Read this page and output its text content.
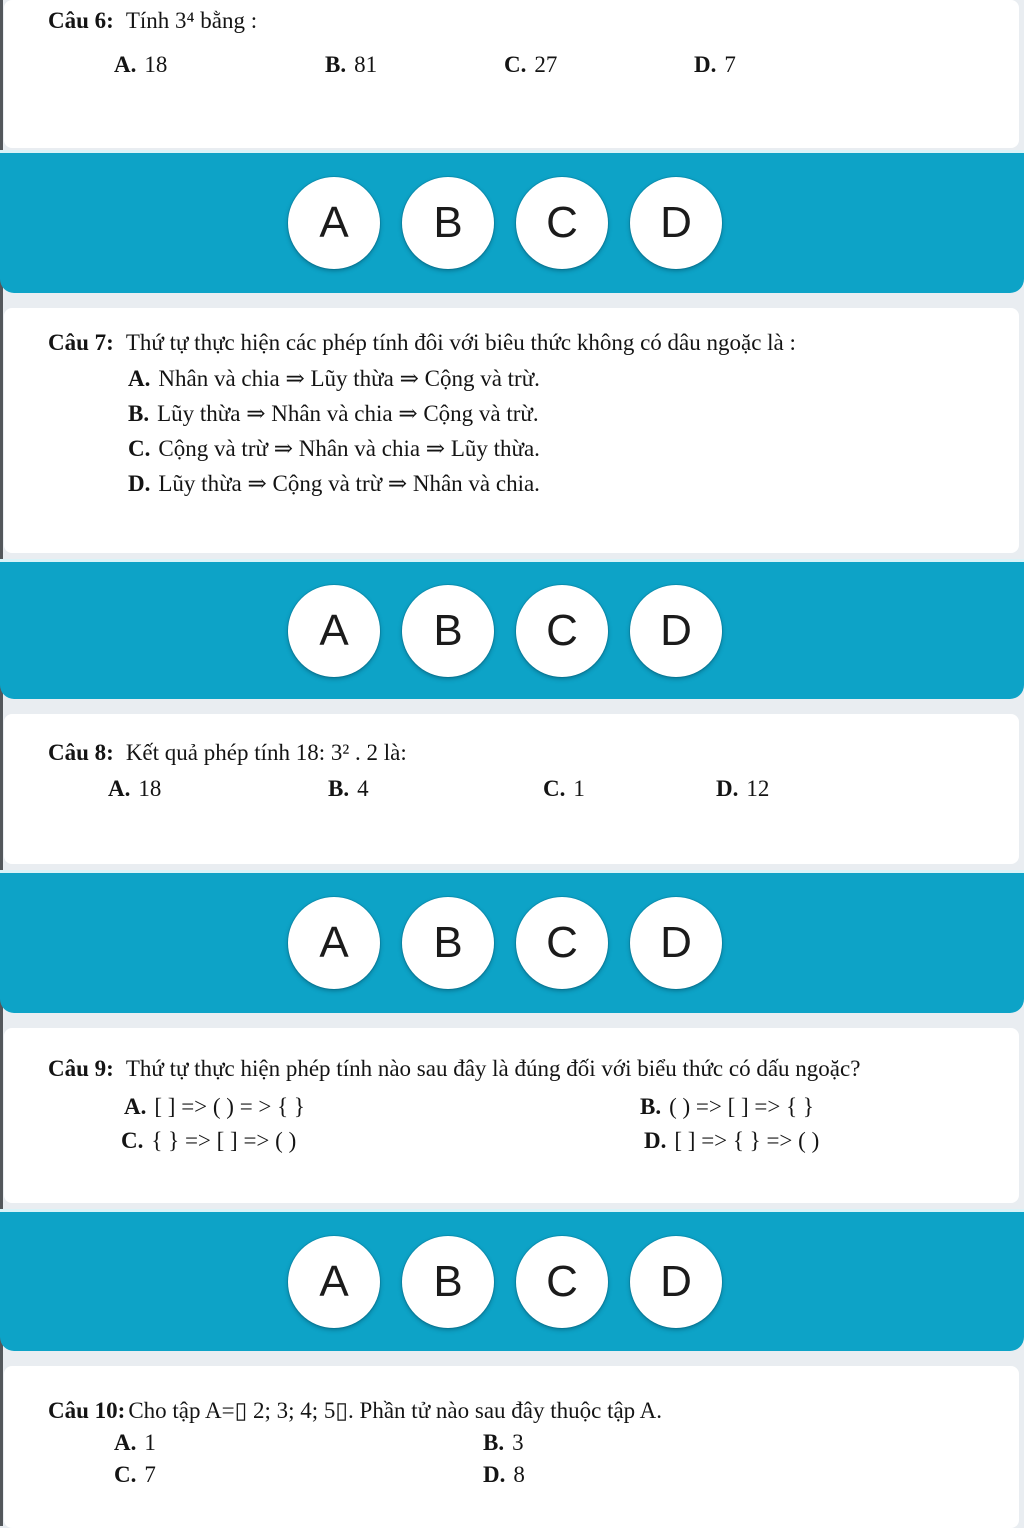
Câu 6: Tính 3⁴ bằng :
A. 18	B. 81	C. 27	D. 7
A	B	C	D
Câu 7: Thứ tự thực hiện các phép tính đôi với biêu thức không có dâu ngoặc là :
A. Nhân và chia ⇒ Lũy thừa ⇒ Cộng và trừ.
B. Lũy thừa ⇒ Nhân và chia ⇒ Cộng và trừ.
C. Cộng và trừ ⇒ Nhân và chia ⇒ Lũy thừa.
D. Lũy thừa ⇒ Cộng và trừ ⇒ Nhân và chia.
A	B	C	D
Câu 8: Kết quả phép tính 18: 3² . 2 là:
A. 18	B. 4	C. 1	D. 12
A	B	C	D
Câu 9: Thứ tự thực hiện phép tính nào sau đây là đúng đối với biểu thức có dấu ngoặc?
A. [ ] => ( ) = > { }	B. ( ) => [ ] => { }
C. { } => [ ] => ( )	D. [ ] => { } => ( )
A	B	C	D
Câu 10: Cho tập A=▯ 2; 3; 4; 5▯. Phần tử nào sau đây thuộc tập A.
A. 1	B. 3
C. 7	D. 8
